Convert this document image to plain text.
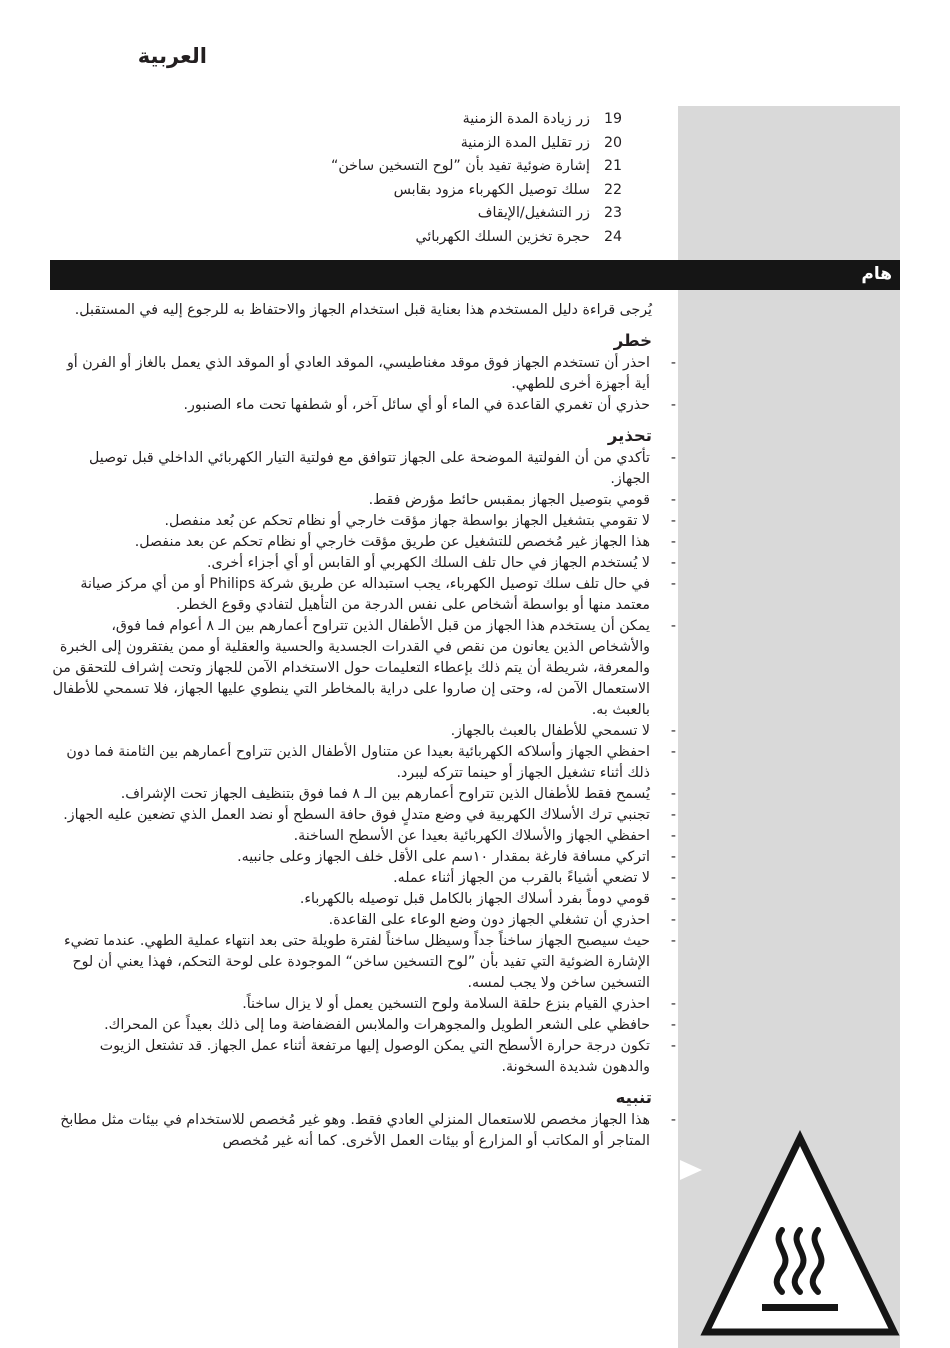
العربية
زر زيادة المدة الزمنية 19
زر تقليل المدة الزمنية 20
إشارة ضوئية تفيد بأن ”لوح التسخين ساخن“ 21
سلك توصيل الكهرباء مزود بقابس 22
زر التشغيل/الإيقاف 23
حجرة تخزين السلك الكهربائي 24
هام

يُرجى قراءة دليل المستخدم هذا بعناية قبل استخدام الجهاز والاحتفاظ به للرجوع إليه في المستقبل.

خطر
-
احذر أن تستخدم الجهاز فوق موقد مغناطيسي، الموقد العادي أو الموقد الذي يعمل بالغاز أو الفرن أو أية أجهزة أخرى للطهي.
-
حذري أن تغمري القاعدة في الماء أو أي سائل آخر، أو شطفها تحت ماء الصنبور.
تحذير
-
تأكدي من أن الفولتية الموضحة على الجهاز تتوافق مع فولتية التيار الكهربائي الداخلي قبل توصيل الجهاز.
-
قومي بتوصيل الجهاز بمقبس حائط مؤرض فقط.
-
لا تقومي بتشغيل الجهاز بواسطة جهاز مؤقت خارجي أو نظام تحكم عن بُعد منفصل.
-
هذا الجهاز غير مُخصص للتشغيل عن طريق مؤقت خارجي أو نظام تحكم عن بعد منفصل.
-
لا يُستخدم الجهاز في حال تلف السلك الكهربي أو القابس أو أي أجزاء أخرى.
-
في حال تلف سلك توصيل الكهرباء، يجب استبداله عن طريق شركة Philips أو من أي مركز صيانة معتمد منها أو بواسطة أشخاص على نفس الدرجة من التأهيل لتفادي وقوع الخطر.
-
يمكن أن يستخدم هذا الجهاز من قبل الأطفال الذين تتراوح أعمارهم بين الـ ٨ أعوام فما فوق، والأشخاص الذين يعانون من نقص في القدرات الجسدية والحسية والعقلية أو ممن يفتقرون إلى الخبرة والمعرفة، شريطة أن يتم ذلك بإعطاء التعليمات حول الاستخدام الآمن للجهاز وتحت إشراف للتحقق من الاستعمال الآمن له، وحتى إن صاروا على دراية بالمخاطر التي ينطوي عليها الجهاز، فلا تسمحي للأطفال بالعبث به.
-
لا تسمحي للأطفال بالعبث بالجهاز.
-
احفظي الجهاز وأسلاكه الكهربائية بعيدا عن متناول الأطفال الذين تتراوح أعمارهم بين الثامنة فما دون ذلك أثناء تشغيل الجهاز أو حينما تتركه ليبرد.
-
يُسمح فقط للأطفال الذين تتراوح أعمارهم بين الـ ٨ فما فوق بتنظيف الجهاز تحت الإشراف.
-
تجنبي ترك الأسلاك الكهربية في وضع متدلٍ فوق حافة السطح أو نضد العمل الذي تضعين عليه الجهاز.
-
احفظي الجهاز والأسلاك الكهربائية بعيدا عن الأسطح الساخنة.
-
اتركي مسافة فارغة بمقدار ١٠سم على الأقل خلف الجهاز وعلى جانبيه.
-
لا تضعي أشياءً بالقرب من الجهاز أثناء عمله.
-
قومي دوماً بفرد أسلاك الجهاز بالكامل قبل توصيله بالكهرباء.
-
احذري أن تشغلي الجهاز دون وضع الوعاء على القاعدة.
-
حيث سيصبح الجهاز ساخناً جداً وسيظل ساخناً لفترة طويلة حتى بعد انتهاء عملية الطهي. عندما تضيء الإشارة الضوئية التي تفيد بأن ”لوح التسخين ساخن“ الموجودة على لوحة التحكم، فهذا يعني أن لوح التسخين ساخن ولا يجب لمسه.
-
احذري القيام بنزع حلقة السلامة ولوح التسخين يعمل أو لا يزال ساخناً.
-
حافظي على الشعر الطويل والمجوهرات والملابس الفضفاضة وما إلى ذلك بعيداً عن المحراك.
-
تكون درجة حرارة الأسطح التي يمكن الوصول إليها مرتفعة أثناء عمل الجهاز. قد تشتعل الزيوت والدهون شديدة السخونة.
تنبيه
-
هذا الجهاز مخصص للاستعمال المنزلي العادي فقط. وهو غير مُخصص للاستخدام في بيئات مثل مطابخ المتاجر أو المكاتب أو المزارع أو بيئات العمل الأخرى. كما أنه غير مُخصص
